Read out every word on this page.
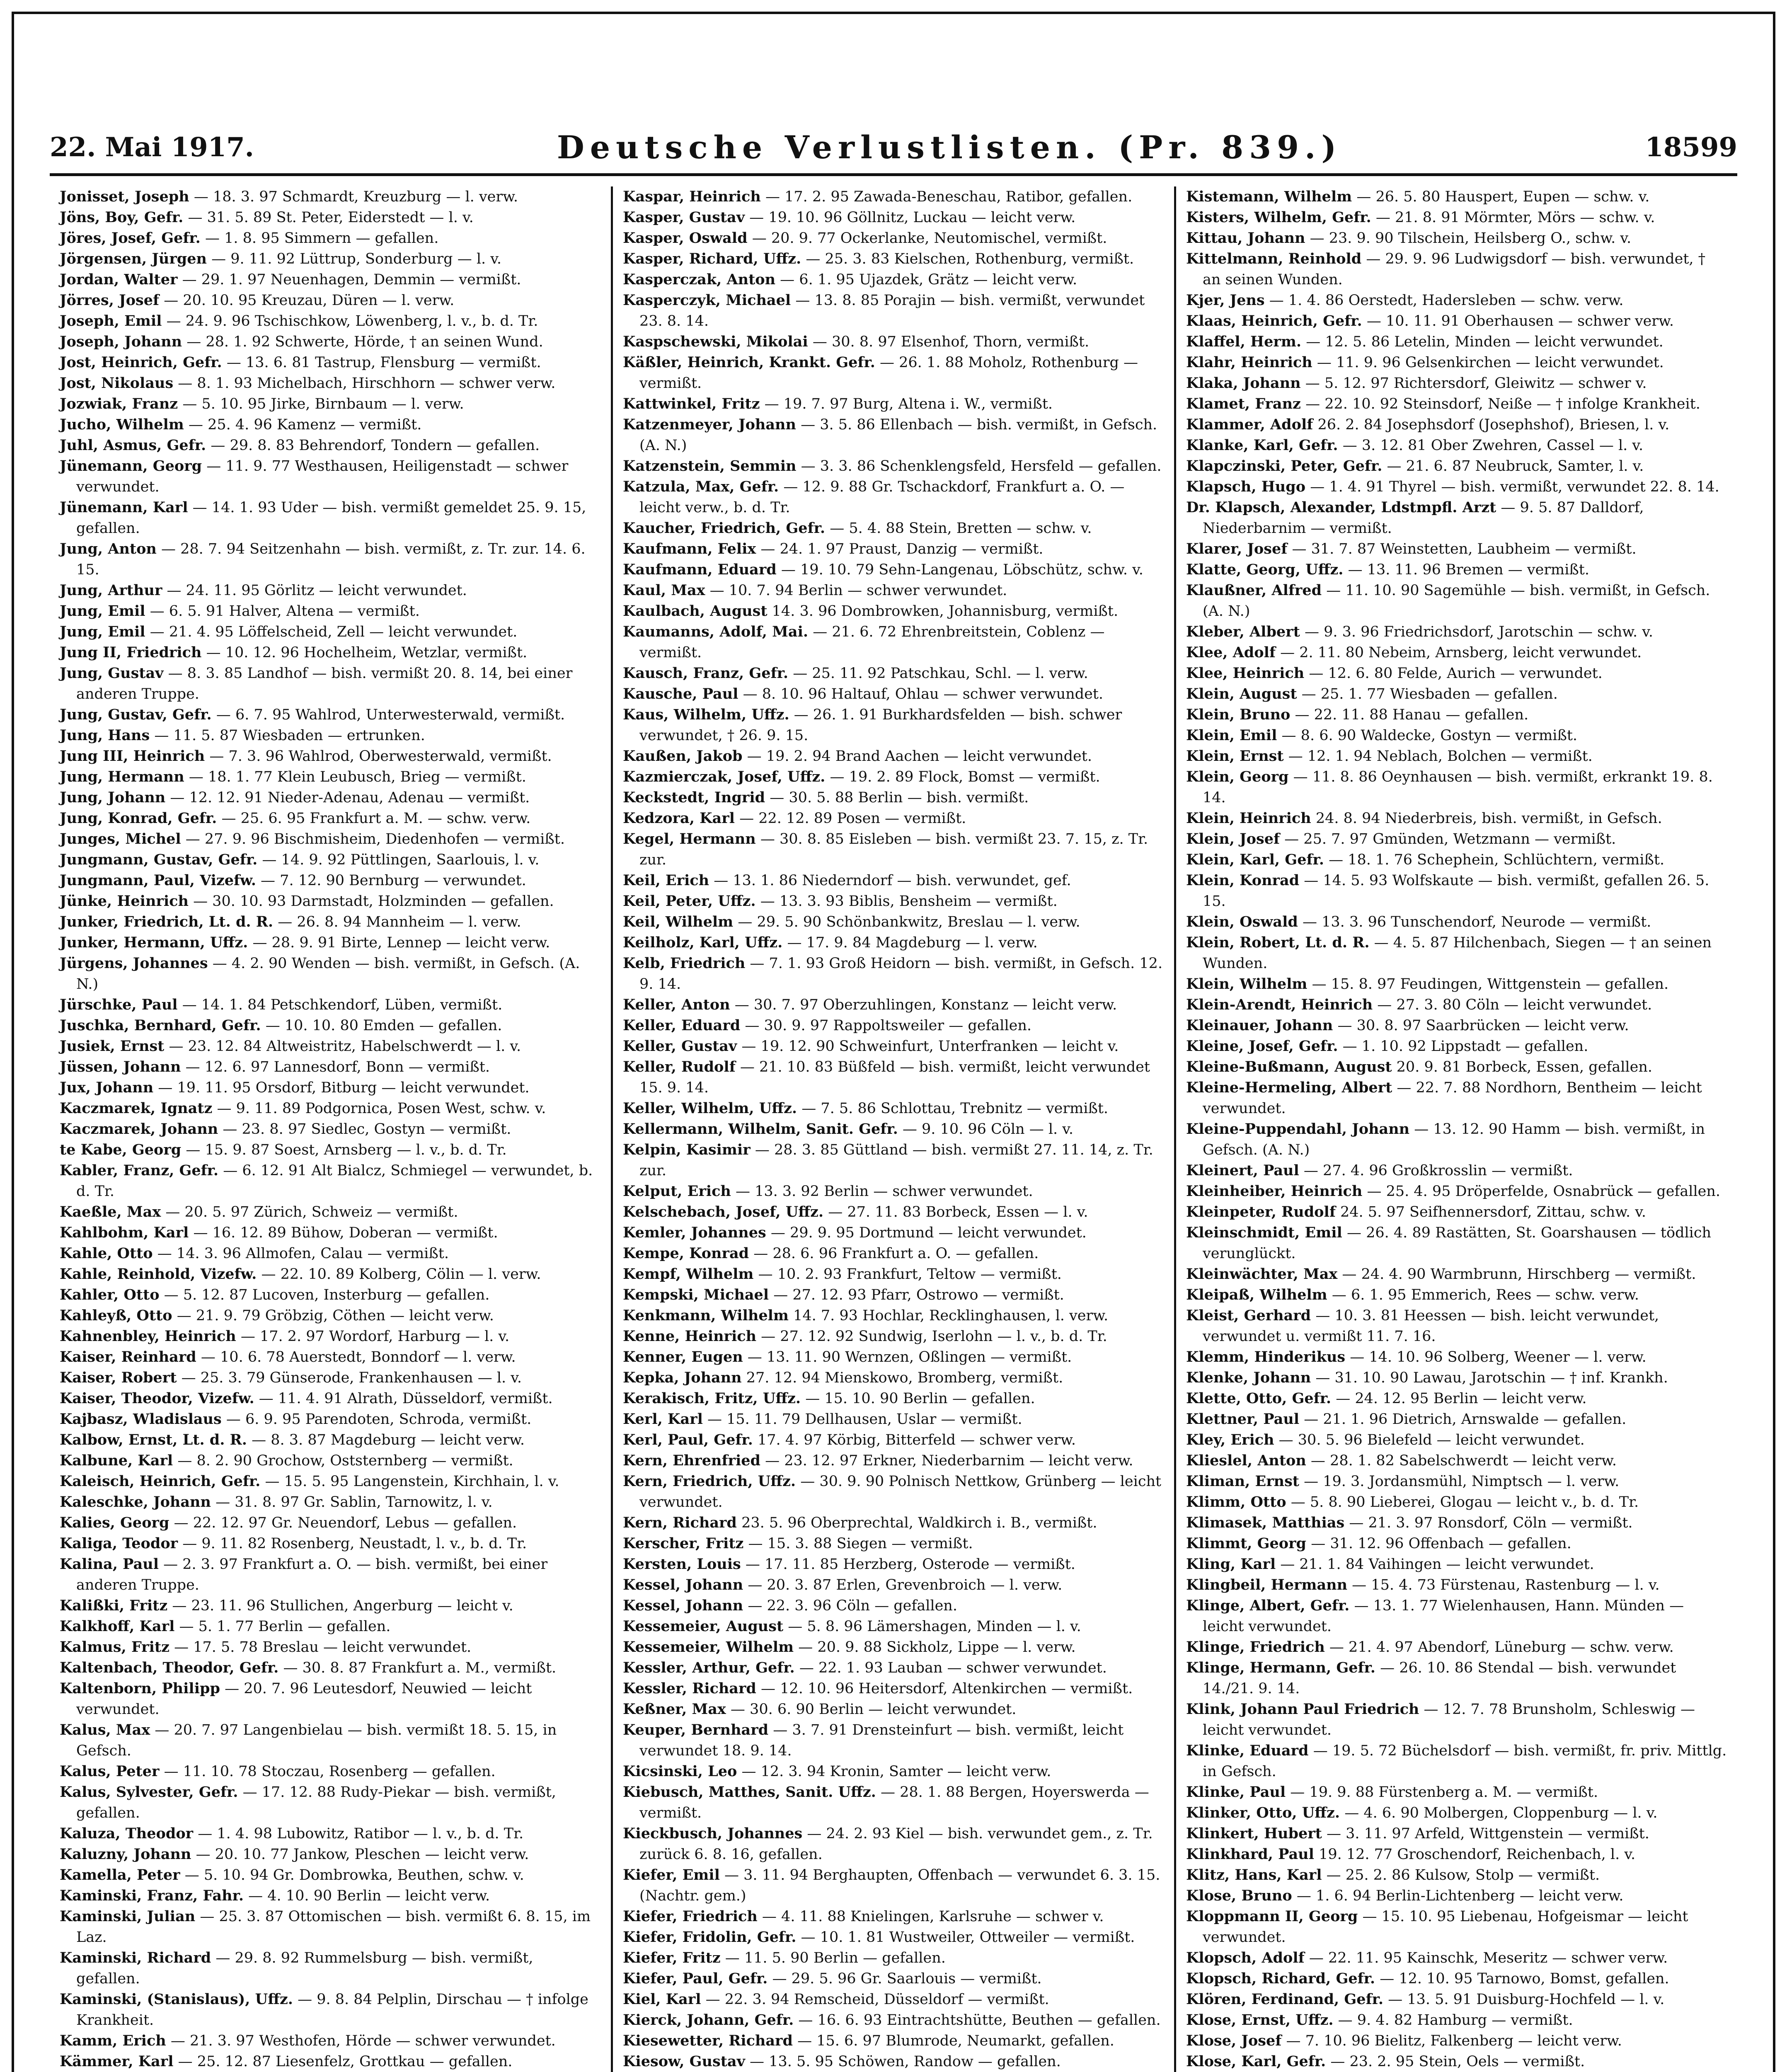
22. Mai 1917.	Deutsche Verlustlisten. (Pr. 839.)	18599

Jonisset, Joseph — 18. 3. 97 Schmardt, Kreuzburg — l. verw.

Jöns, Boy, Gefr. — 31. 5. 89 St. Peter, Eiderstedt — l. v.

Jöres, Josef, Gefr. — 1. 8. 95 Simmern — gefallen.

Jörgensen, Jürgen — 9. 11. 92 Lüttrup, Sonderburg — l. v.

Jordan, Walter — 29. 1. 97 Neuenhagen, Demmin — vermißt.

Jörres, Josef — 20. 10. 95 Kreuzau, Düren — l. verw.

Joseph, Emil — 24. 9. 96 Tschischkow, Löwenberg, l. v., b. d. Tr.

Joseph, Johann — 28. 1. 92 Schwerte, Hörde, † an seinen Wund.

Jost, Heinrich, Gefr. — 13. 6. 81 Tastrup, Flensburg — vermißt.

Jost, Nikolaus — 8. 1. 93 Michelbach, Hirschhorn — schwer verw.

Jozwiak, Franz — 5. 10. 95 Jirke, Birnbaum — l. verw.

Jucho, Wilhelm — 25. 4. 96 Kamenz — vermißt.

Juhl, Asmus, Gefr. — 29. 8. 83 Behrendorf, Tondern — gefallen.

Jünemann, Georg — 11. 9. 77 Westhausen, Heiligenstadt — schwer verwundet.

Jünemann, Karl — 14. 1. 93 Uder — bish. vermißt gemeldet 25. 9. 15, gefallen.

Jung, Anton — 28. 7. 94 Seitzenhahn — bish. vermißt, z. Tr. zur. 14. 6. 15.

Jung, Arthur — 24. 11. 95 Görlitz — leicht verwundet.

Jung, Emil — 6. 5. 91 Halver, Altena — vermißt.

Jung, Emil — 21. 4. 95 Löffelscheid, Zell — leicht verwundet.

Jung II, Friedrich — 10. 12. 96 Hochelheim, Wetzlar, vermißt.

Jung, Gustav — 8. 3. 85 Landhof — bish. vermißt 20. 8. 14, bei einer anderen Truppe.

Jung, Gustav, Gefr. — 6. 7. 95 Wahlrod, Unterwesterwald, vermißt.

Jung, Hans — 11. 5. 87 Wiesbaden — ertrunken.

Jung III, Heinrich — 7. 3. 96 Wahlrod, Oberwesterwald, vermißt.

Jung, Hermann — 18. 1. 77 Klein Leubusch, Brieg — vermißt.

Jung, Johann — 12. 12. 91 Nieder-Adenau, Adenau — vermißt.

Jung, Konrad, Gefr. — 25. 6. 95 Frankfurt a. M. — schw. verw.

Junges, Michel — 27. 9. 96 Bischmisheim, Diedenhofen — vermißt.

Jungmann, Gustav, Gefr. — 14. 9. 92 Püttlingen, Saarlouis, l. v.

Jungmann, Paul, Vizefw. — 7. 12. 90 Bernburg — verwundet.

Jünke, Heinrich — 30. 10. 93 Darmstadt, Holzminden — gefallen.

Junker, Friedrich, Lt. d. R. — 26. 8. 94 Mannheim — l. verw.

Junker, Hermann, Uffz. — 28. 9. 91 Birte, Lennep — leicht verw.

Jürgens, Johannes — 4. 2. 90 Wenden — bish. vermißt, in Gefsch. (A. N.)

Jürschke, Paul — 14. 1. 84 Petschkendorf, Lüben, vermißt.

Juschka, Bernhard, Gefr. — 10. 10. 80 Emden — gefallen.

Jusiek, Ernst — 23. 12. 84 Altweistritz, Habelschwerdt — l. v.

Jüssen, Johann — 12. 6. 97 Lannesdorf, Bonn — vermißt.

Jux, Johann — 19. 11. 95 Orsdorf, Bitburg — leicht verwundet.

Kaczmarek, Ignatz — 9. 11. 89 Podgornica, Posen West, schw. v.

Kaczmarek, Johann — 23. 8. 97 Siedlec, Gostyn — vermißt.

te Kabe, Georg — 15. 9. 87 Soest, Arnsberg — l. v., b. d. Tr.

Kabler, Franz, Gefr. — 6. 12. 91 Alt Bialcz, Schmiegel — verwundet, b. d. Tr.

Kaeßle, Max — 20. 5. 97 Zürich, Schweiz — vermißt.

Kahlbohm, Karl — 16. 12. 89 Bühow, Doberan — vermißt.

Kahle, Otto — 14. 3. 96 Allmofen, Calau — vermißt.

Kahle, Reinhold, Vizefw. — 22. 10. 89 Kolberg, Cölin — l. verw.

Kahler, Otto — 5. 12. 87 Lucoven, Insterburg — gefallen.

Kahleyß, Otto — 21. 9. 79 Gröbzig, Cöthen — leicht verw.

Kahnenbley, Heinrich — 17. 2. 97 Wordorf, Harburg — l. v.

Kaiser, Reinhard — 10. 6. 78 Auerstedt, Bonndorf — l. verw.

Kaiser, Robert — 25. 3. 79 Günserode, Frankenhausen — l. v.

Kaiser, Theodor, Vizefw. — 11. 4. 91 Alrath, Düsseldorf, vermißt.

Kajbasz, Wladislaus — 6. 9. 95 Parendoten, Schroda, vermißt.

Kalbow, Ernst, Lt. d. R. — 8. 3. 87 Magdeburg — leicht verw.

Kalbune, Karl — 8. 2. 90 Grochow, Oststernberg — vermißt.

Kaleisch, Heinrich, Gefr. — 15. 5. 95 Langenstein, Kirchhain, l. v.

Kaleschke, Johann — 31. 8. 97 Gr. Sablin, Tarnowitz, l. v.

Kalies, Georg — 22. 12. 97 Gr. Neuendorf, Lebus — gefallen.

Kaliga, Teodor — 9. 11. 82 Rosenberg, Neustadt, l. v., b. d. Tr.

Kalina, Paul — 2. 3. 97 Frankfurt a. O. — bish. vermißt, bei einer anderen Truppe.

Kalißki, Fritz — 23. 11. 96 Stullichen, Angerburg — leicht v.

Kalkhoff, Karl — 5. 1. 77 Berlin — gefallen.

Kalmus, Fritz — 17. 5. 78 Breslau — leicht verwundet.

Kaltenbach, Theodor, Gefr. — 30. 8. 87 Frankfurt a. M., vermißt.

Kaltenborn, Philipp — 20. 7. 96 Leutesdorf, Neuwied — leicht verwundet.

Kalus, Max — 20. 7. 97 Langenbielau — bish. vermißt 18. 5. 15, in Gefsch.

Kalus, Peter — 11. 10. 78 Stoczau, Rosenberg — gefallen.

Kalus, Sylvester, Gefr. — 17. 12. 88 Rudy-Piekar — bish. vermißt, gefallen.

Kaluza, Theodor — 1. 4. 98 Lubowitz, Ratibor — l. v., b. d. Tr.

Kaluzny, Johann — 20. 10. 77 Jankow, Pleschen — leicht verw.

Kamella, Peter — 5. 10. 94 Gr. Dombrowka, Beuthen, schw. v.

Kaminski, Franz, Fahr. — 4. 10. 90 Berlin — leicht verw.

Kaminski, Julian — 25. 3. 87 Ottomischen — bish. vermißt 6. 8. 15, im Laz.

Kaminski, Richard — 29. 8. 92 Rummelsburg — bish. vermißt, gefallen.

Kaminski, (Stanislaus), Uffz. — 9. 8. 84 Pelplin, Dirschau — † infolge Krankheit.

Kamm, Erich — 21. 3. 97 Westhofen, Hörde — schwer verwundet.

Kämmer, Karl — 25. 12. 87 Liesenfelz, Grottkau — gefallen.

Kaspar, Heinrich — 17. 2. 95 Zawada-Beneschau, Ratibor, gefallen.

Kasper, Gustav — 19. 10. 96 Göllnitz, Luckau — leicht verw.

Kasper, Oswald — 20. 9. 77 Ockerlanke, Neutomischel, vermißt.

Kasper, Richard, Uffz. — 25. 3. 83 Kielschen, Rothenburg, vermißt.

Kasperczak, Anton — 6. 1. 95 Ujazdek, Grätz — leicht verw.

Kasperczyk, Michael — 13. 8. 85 Porajin — bish. vermißt, verwundet 23. 8. 14.

Kaspschewski, Mikolai — 30. 8. 97 Elsenhof, Thorn, vermißt.

Käßler, Heinrich, Krankt. Gefr. — 26. 1. 88 Moholz, Rothenburg — vermißt.

Kattwinkel, Fritz — 19. 7. 97 Burg, Altena i. W., vermißt.

Katzenmeyer, Johann — 3. 5. 86 Ellenbach — bish. vermißt, in Gefsch. (A. N.)

Katzenstein, Semmin — 3. 3. 86 Schenklengsfeld, Hersfeld — gefallen.

Katzula, Max, Gefr. — 12. 9. 88 Gr. Tschackdorf, Frankfurt a. O. — leicht verw., b. d. Tr.

Kaucher, Friedrich, Gefr. — 5. 4. 88 Stein, Bretten — schw. v.

Kaufmann, Felix — 24. 1. 97 Praust, Danzig — vermißt.

Kaufmann, Eduard — 19. 10. 79 Sehn-Langenau, Löbschütz, schw. v.

Kaul, Max — 10. 7. 94 Berlin — schwer verwundet.

Kaulbach, August 14. 3. 96 Dombrowken, Johannisburg, vermißt.

Kaumanns, Adolf, Mai. — 21. 6. 72 Ehrenbreitstein, Coblenz — vermißt.

Kausch, Franz, Gefr. — 25. 11. 92 Patschkau, Schl. — l. verw.

Kausche, Paul — 8. 10. 96 Haltauf, Ohlau — schwer verwundet.

Kaus, Wilhelm, Uffz. — 26. 1. 91 Burkhardsfelden — bish. schwer verwundet, † 26. 9. 15.

Kaußen, Jakob — 19. 2. 94 Brand Aachen — leicht verwundet.

Kazmierczak, Josef, Uffz. — 19. 2. 89 Flock, Bomst — vermißt.

Keckstedt, Ingrid — 30. 5. 88 Berlin — bish. vermißt.

Kedzora, Karl — 22. 12. 89 Posen — vermißt.

Kegel, Hermann — 30. 8. 85 Eisleben — bish. vermißt 23. 7. 15, z. Tr. zur.

Keil, Erich — 13. 1. 86 Niederndorf — bish. verwundet, gef.

Keil, Peter, Uffz. — 13. 3. 93 Biblis, Bensheim — vermißt.

Keil, Wilhelm — 29. 5. 90 Schönbankwitz, Breslau — l. verw.

Keilholz, Karl, Uffz. — 17. 9. 84 Magdeburg — l. verw.

Kelb, Friedrich — 7. 1. 93 Groß Heidorn — bish. vermißt, in Gefsch. 12. 9. 14.

Keller, Anton — 30. 7. 97 Oberzuhlingen, Konstanz — leicht verw.

Keller, Eduard — 30. 9. 97 Rappoltsweiler — gefallen.

Keller, Gustav — 19. 12. 90 Schweinfurt, Unterfranken — leicht v.

Keller, Rudolf — 21. 10. 83 Büßfeld — bish. vermißt, leicht verwundet 15. 9. 14.

Keller, Wilhelm, Uffz. — 7. 5. 86 Schlottau, Trebnitz — vermißt.

Kellermann, Wilhelm, Sanit. Gefr. — 9. 10. 96 Cöln — l. v.

Kelpin, Kasimir — 28. 3. 85 Güttland — bish. vermißt 27. 11. 14, z. Tr. zur.

Kelput, Erich — 13. 3. 92 Berlin — schwer verwundet.

Kelschebach, Josef, Uffz. — 27. 11. 83 Borbeck, Essen — l. v.

Kemler, Johannes — 29. 9. 95 Dortmund — leicht verwundet.

Kempe, Konrad — 28. 6. 96 Frankfurt a. O. — gefallen.

Kempf, Wilhelm — 10. 2. 93 Frankfurt, Teltow — vermißt.

Kempski, Michael — 27. 12. 93 Pfarr, Ostrowo — vermißt.

Kenkmann, Wilhelm 14. 7. 93 Hochlar, Recklinghausen, l. verw.

Kenne, Heinrich — 27. 12. 92 Sundwig, Iserlohn — l. v., b. d. Tr.

Kenner, Eugen — 13. 11. 90 Wernzen, Oßlingen — vermißt.

Kepka, Johann 27. 12. 94 Mienskowo, Bromberg, vermißt.

Kerakisch, Fritz, Uffz. — 15. 10. 90 Berlin — gefallen.

Kerl, Karl — 15. 11. 79 Dellhausen, Uslar — vermißt.

Kerl, Paul, Gefr. 17. 4. 97 Körbig, Bitterfeld — schwer verw.

Kern, Ehrenfried — 23. 12. 97 Erkner, Niederbarnim — leicht verw.

Kern, Friedrich, Uffz. — 30. 9. 90 Polnisch Nettkow, Grünberg — leicht verwundet.

Kern, Richard 23. 5. 96 Oberprechtal, Waldkirch i. B., vermißt.

Kerscher, Fritz — 15. 3. 88 Siegen — vermißt.

Kersten, Louis — 17. 11. 85 Herzberg, Osterode — vermißt.

Kessel, Johann — 20. 3. 87 Erlen, Grevenbroich — l. verw.

Kessel, Johann — 22. 3. 96 Cöln — gefallen.

Kessemeier, August — 5. 8. 96 Lämershagen, Minden — l. v.

Kessemeier, Wilhelm — 20. 9. 88 Sickholz, Lippe — l. verw.

Kessler, Arthur, Gefr. — 22. 1. 93 Lauban — schwer verwundet.

Kessler, Richard — 12. 10. 96 Heitersdorf, Altenkirchen — vermißt.

Keßner, Max — 30. 6. 90 Berlin — leicht verwundet.

Keuper, Bernhard — 3. 7. 91 Drensteinfurt — bish. vermißt, leicht verwundet 18. 9. 14.

Kicsinski, Leo — 12. 3. 94 Kronin, Samter — leicht verw.

Kiebusch, Matthes, Sanit. Uffz. — 28. 1. 88 Bergen, Hoyerswerda — vermißt.

Kieckbusch, Johannes — 24. 2. 93 Kiel — bish. verwundet gem., z. Tr. zurück 6. 8. 16, gefallen.

Kiefer, Emil — 3. 11. 94 Berghaupten, Offenbach — verwundet 6. 3. 15. (Nachtr. gem.)

Kiefer, Friedrich — 4. 11. 88 Knielingen, Karlsruhe — schwer v.

Kiefer, Fridolin, Gefr. — 10. 1. 81 Wustweiler, Ottweiler — vermißt.

Kiefer, Fritz — 11. 5. 90 Berlin — gefallen.

Kiefer, Paul, Gefr. — 29. 5. 96 Gr. Saarlouis — vermißt.

Kiel, Karl — 22. 3. 94 Remscheid, Düsseldorf — vermißt.

Kierck, Johann, Gefr. — 16. 6. 93 Eintrachtshütte, Beuthen — gefallen.

Kiesewetter, Richard — 15. 6. 97 Blumrode, Neumarkt, gefallen.

Kiesow, Gustav — 13. 5. 95 Schöwen, Randow — gefallen.

Kistemann, Wilhelm — 26. 5. 80 Hauspert, Eupen — schw. v.

Kisters, Wilhelm, Gefr. — 21. 8. 91 Mörmter, Mörs — schw. v.

Kittau, Johann — 23. 9. 90 Tilschein, Heilsberg O., schw. v.

Kittelmann, Reinhold — 29. 9. 96 Ludwigsdorf — bish. verwundet, † an seinen Wunden.

Kjer, Jens — 1. 4. 86 Oerstedt, Hadersleben — schw. verw.

Klaas, Heinrich, Gefr. — 10. 11. 91 Oberhausen — schwer verw.

Klaffel, Herm. — 12. 5. 86 Letelin, Minden — leicht verwundet.

Klahr, Heinrich — 11. 9. 96 Gelsenkirchen — leicht verwundet.

Klaka, Johann — 5. 12. 97 Richtersdorf, Gleiwitz — schwer v.

Klamet, Franz — 22. 10. 92 Steinsdorf, Neiße — † infolge Krankheit.

Klammer, Adolf 26. 2. 84 Josephsdorf (Josephshof), Briesen, l. v.

Klanke, Karl, Gefr. — 3. 12. 81 Ober Zwehren, Cassel — l. v.

Klapczinski, Peter, Gefr. — 21. 6. 87 Neubruck, Samter, l. v.

Klapsch, Hugo — 1. 4. 91 Thyrel — bish. vermißt, verwundet 22. 8. 14.

Dr. Klapsch, Alexander, Ldstmpfl. Arzt — 9. 5. 87 Dalldorf, Niederbarnim — vermißt.

Klarer, Josef — 31. 7. 87 Weinstetten, Laubheim — vermißt.

Klatte, Georg, Uffz. — 13. 11. 96 Bremen — vermißt.

Klaußner, Alfred — 11. 10. 90 Sagemühle — bish. vermißt, in Gefsch. (A. N.)

Kleber, Albert — 9. 3. 96 Friedrichsdorf, Jarotschin — schw. v.

Klee, Adolf — 2. 11. 80 Nebeim, Arnsberg, leicht verwundet.

Klee, Heinrich — 12. 6. 80 Felde, Aurich — verwundet.

Klein, August — 25. 1. 77 Wiesbaden — gefallen.

Klein, Bruno — 22. 11. 88 Hanau — gefallen.

Klein, Emil — 8. 6. 90 Waldecke, Gostyn — vermißt.

Klein, Ernst — 12. 1. 94 Neblach, Bolchen — vermißt.

Klein, Georg — 11. 8. 86 Oeynhausen — bish. vermißt, erkrankt 19. 8. 14.

Klein, Heinrich 24. 8. 94 Niederbreis, bish. vermißt, in Gefsch.

Klein, Josef — 25. 7. 97 Gmünden, Wetzmann — vermißt.

Klein, Karl, Gefr. — 18. 1. 76 Schephein, Schlüchtern, vermißt.

Klein, Konrad — 14. 5. 93 Wolfskaute — bish. vermißt, gefallen 26. 5. 15.

Klein, Oswald — 13. 3. 96 Tunschendorf, Neurode — vermißt.

Klein, Robert, Lt. d. R. — 4. 5. 87 Hilchenbach, Siegen — † an seinen Wunden.

Klein, Wilhelm — 15. 8. 97 Feudingen, Wittgenstein — gefallen.

Klein-Arendt, Heinrich — 27. 3. 80 Cöln — leicht verwundet.

Kleinauer, Johann — 30. 8. 97 Saarbrücken — leicht verw.

Kleine, Josef, Gefr. — 1. 10. 92 Lippstadt — gefallen.

Kleine-Bußmann, August 20. 9. 81 Borbeck, Essen, gefallen.

Kleine-Hermeling, Albert — 22. 7. 88 Nordhorn, Bentheim — leicht verwundet.

Kleine-Puppendahl, Johann — 13. 12. 90 Hamm — bish. vermißt, in Gefsch. (A. N.)

Kleinert, Paul — 27. 4. 96 Großkrosslin — vermißt.

Kleinheiber, Heinrich — 25. 4. 95 Dröperfelde, Osnabrück — gefallen.

Kleinpeter, Rudolf 24. 5. 97 Seifhennersdorf, Zittau, schw. v.

Kleinschmidt, Emil — 26. 4. 89 Rastätten, St. Goarshausen — tödlich verunglückt.

Kleinwächter, Max — 24. 4. 90 Warmbrunn, Hirschberg — vermißt.

Kleipaß, Wilhelm — 6. 1. 95 Emmerich, Rees — schw. verw.

Kleist, Gerhard — 10. 3. 81 Heessen — bish. leicht verwundet, verwundet u. vermißt 11. 7. 16.

Klemm, Hinderikus — 14. 10. 96 Solberg, Weener — l. verw.

Klenke, Johann — 31. 10. 90 Lawau, Jarotschin — † inf. Krankh.

Klette, Otto, Gefr. — 24. 12. 95 Berlin — leicht verw.

Klettner, Paul — 21. 1. 96 Dietrich, Arnswalde — gefallen.

Kley, Erich — 30. 5. 96 Bielefeld — leicht verwundet.

Klieslel, Anton — 28. 1. 82 Sabelschwerdt — leicht verw.

Kliman, Ernst — 19. 3. Jordansmühl, Nimptsch — l. verw.

Klimm, Otto — 5. 8. 90 Lieberei, Glogau — leicht v., b. d. Tr.

Klimasek, Matthias — 21. 3. 97 Ronsdorf, Cöln — vermißt.

Klimmt, Georg — 31. 12. 96 Offenbach — gefallen.

Kling, Karl — 21. 1. 84 Vaihingen — leicht verwundet.

Klingbeil, Hermann — 15. 4. 73 Fürstenau, Rastenburg — l. v.

Klinge, Albert, Gefr. — 13. 1. 77 Wielenhausen, Hann. Münden — leicht verwundet.

Klinge, Friedrich — 21. 4. 97 Abendorf, Lüneburg — schw. verw.

Klinge, Hermann, Gefr. — 26. 10. 86 Stendal — bish. verwundet 14./21. 9. 14.

Klink, Johann Paul Friedrich — 12. 7. 78 Brunsholm, Schleswig — leicht verwundet.

Klinke, Eduard — 19. 5. 72 Büchelsdorf — bish. vermißt, fr. priv. Mittlg. in Gefsch.

Klinke, Paul — 19. 9. 88 Fürstenberg a. M. — vermißt.

Klinker, Otto, Uffz. — 4. 6. 90 Molbergen, Cloppenburg — l. v.

Klinkert, Hubert — 3. 11. 97 Arfeld, Wittgenstein — vermißt.

Klinkhard, Paul 19. 12. 77 Groschendorf, Reichenbach, l. v.

Klitz, Hans, Karl — 25. 2. 86 Kulsow, Stolp — vermißt.

Klose, Bruno — 1. 6. 94 Berlin-Lichtenberg — leicht verw.

Kloppmann II, Georg — 15. 10. 95 Liebenau, Hofgeismar — leicht verwundet.

Klopsch, Adolf — 22. 11. 95 Kainschk, Meseritz — schwer verw.

Klopsch, Richard, Gefr. — 12. 10. 95 Tarnowo, Bomst, gefallen.

Klören, Ferdinand, Gefr. — 13. 5. 91 Duisburg-Hochfeld — l. v.

Klose, Ernst, Uffz. — 9. 4. 82 Hamburg — vermißt.

Klose, Josef — 7. 10. 96 Bielitz, Falkenberg — leicht verw.

Klose, Karl, Gefr. — 23. 2. 95 Stein, Oels — vermißt.
